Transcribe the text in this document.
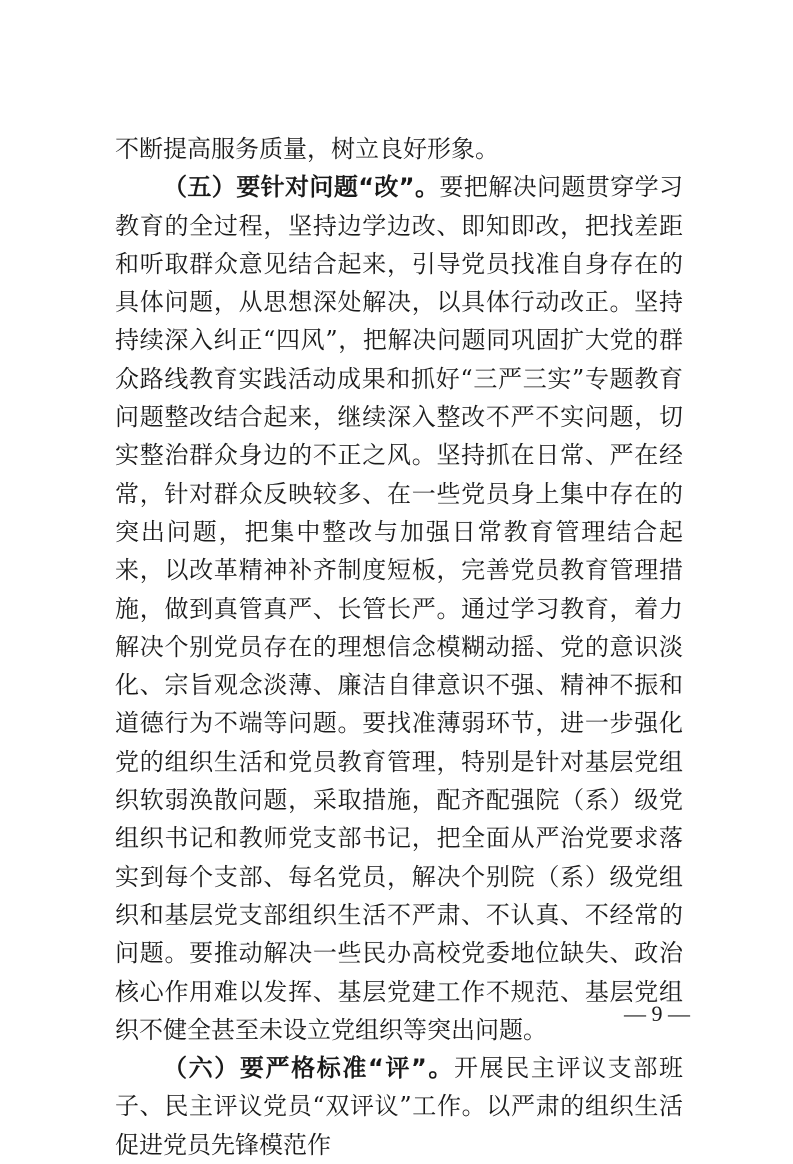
不断提高服务质量，树立良好形象。

（五）要针对问题“改”。要把解决问题贯穿学习教育的全过程，坚持边学边改、即知即改，把找差距和听取群众意见结合起来，引导党员找准自身存在的具体问题，从思想深处解决，以具体行动改正。坚持持续深入纠正“四风”，把解决问题同巩固扩大党的群众路线教育实践活动成果和抓好“三严三实”专题教育问题整改结合起来，继续深入整改不严不实问题，切实整治群众身边的不正之风。坚持抓在日常、严在经常，针对群众反映较多、在一些党员身上集中存在的突出问题，把集中整改与加强日常教育管理结合起来，以改革精神补齐制度短板，完善党员教育管理措施，做到真管真严、长管长严。通过学习教育，着力解决个别党员存在的理想信念模糊动摇、党的意识淡化、宗旨观念淡薄、廉洁自律意识不强、精神不振和道德行为不端等问题。要找准薄弱环节，进一步强化党的组织生活和党员教育管理，特别是针对基层党组织软弱涣散问题，采取措施，配齐配强院（系）级党组织书记和教师党支部书记，把全面从严治党要求落实到每个支部、每名党员，解决个别院（系）级党组织和基层党支部组织生活不严肃、不认真、不经常的问题。要推动解决一些民办高校党委地位缺失、政治核心作用难以发挥、基层党建工作不规范、基层党组织不健全甚至未设立党组织等突出问题。

（六）要严格标准“评”。开展民主评议支部班子、民主评议党员“双评议”工作。以严肃的组织生活促进党员先锋模范作

— 9 —
